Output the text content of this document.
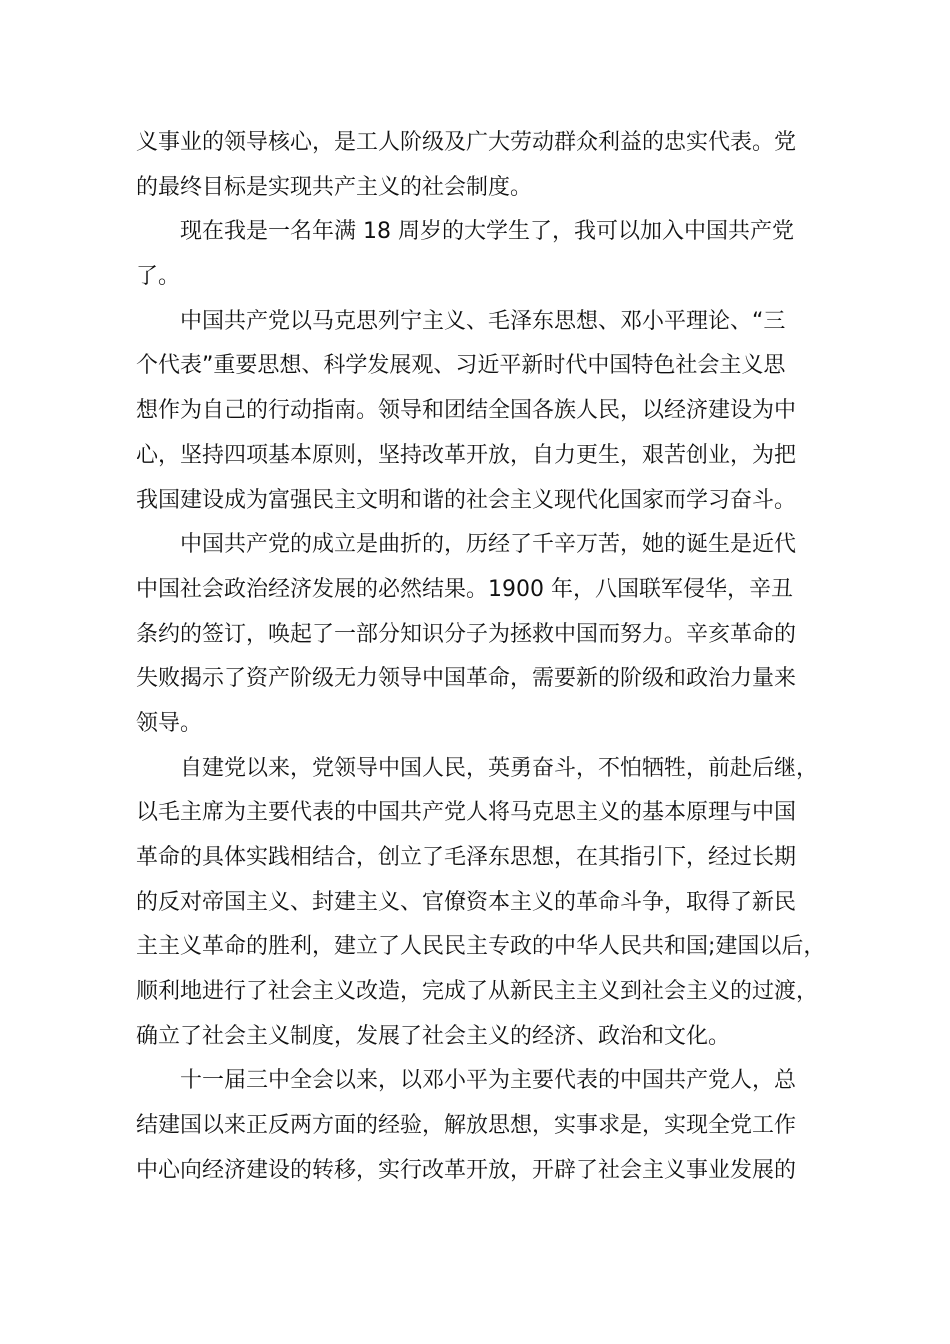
义事业的领导核心，是工人阶级及广大劳动群众利益的忠实代表。党
的最终目标是实现共产主义的社会制度。
　　现在我是一名年满 18 周岁的大学生了，我可以加入中国共产党
了。
　　中国共产党以马克思列宁主义、毛泽东思想、邓小平理论、“三
个代表”重要思想、科学发展观、习近平新时代中国特色社会主义思
想作为自己的行动指南。领导和团结全国各族人民，以经济建设为中
心，坚持四项基本原则，坚持改革开放，自力更生，艰苦创业，为把
我国建设成为富强民主文明和谐的社会主义现代化国家而学习奋斗。
　　中国共产党的成立是曲折的，历经了千辛万苦，她的诞生是近代
中国社会政治经济发展的必然结果。1900 年，八国联军侵华，辛丑
条约的签订，唤起了一部分知识分子为拯救中国而努力。辛亥革命的
失败揭示了资产阶级无力领导中国革命，需要新的阶级和政治力量来
领导。
　　自建党以来，党领导中国人民，英勇奋斗，不怕牺牲，前赴后继，
以毛主席为主要代表的中国共产党人将马克思主义的基本原理与中国
革命的具体实践相结合，创立了毛泽东思想，在其指引下，经过长期
的反对帝国主义、封建主义、官僚资本主义的革命斗争，取得了新民
主主义革命的胜利，建立了人民民主专政的中华人民共和国;建国以后，
顺利地进行了社会主义改造，完成了从新民主主义到社会主义的过渡，
确立了社会主义制度，发展了社会主义的经济、政治和文化。
　　十一届三中全会以来，以邓小平为主要代表的中国共产党人，总
结建国以来正反两方面的经验，解放思想，实事求是，实现全党工作
中心向经济建设的转移，实行改革开放，开辟了社会主义事业发展的
